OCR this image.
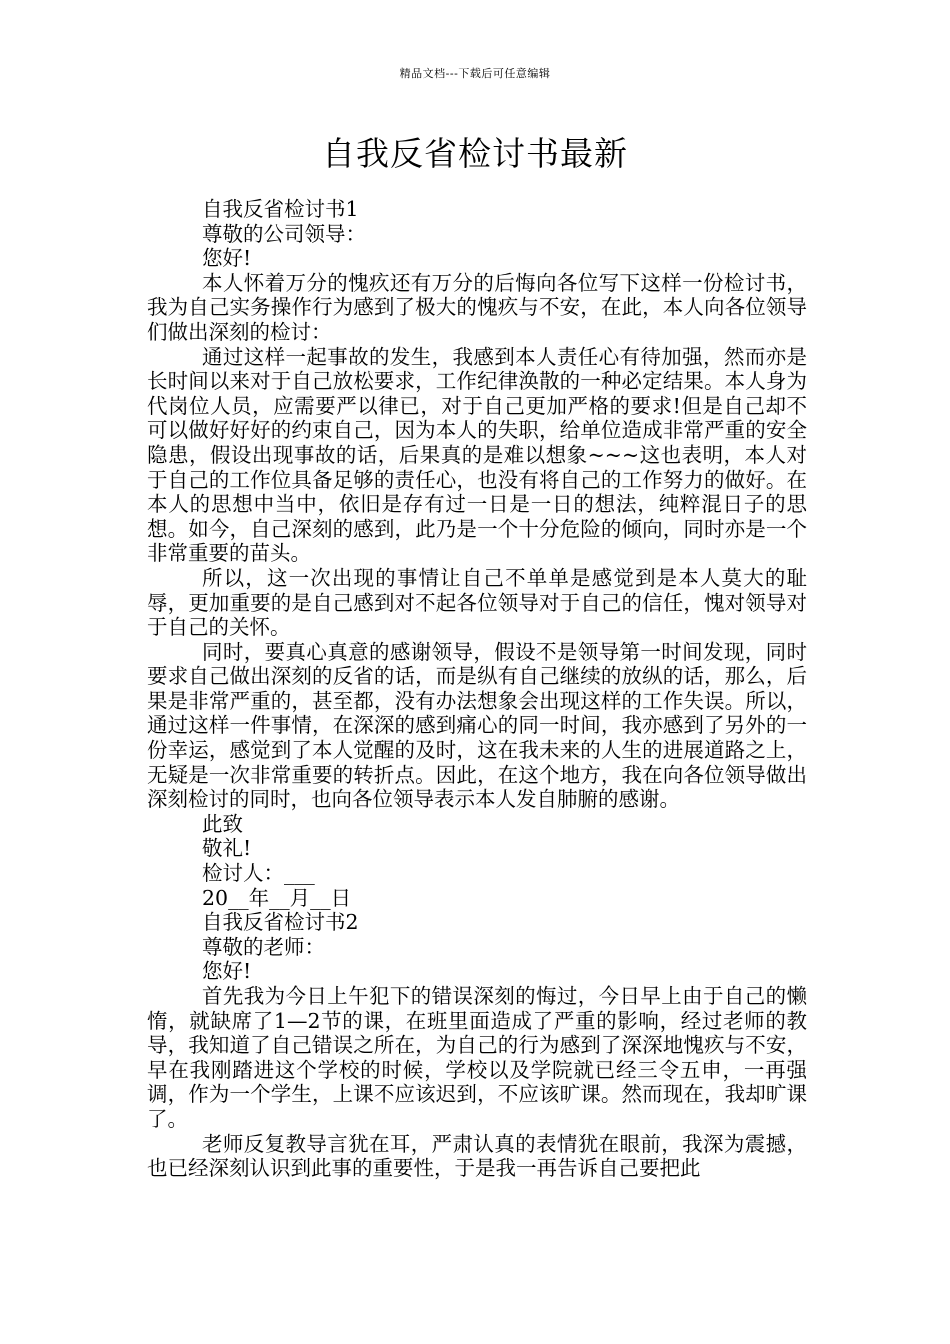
精品文档---下载后可任意编辑
自我反省检讨书最新

自我反省检讨书1

尊敬的公司领导：

您好!

本人怀着万分的愧疚还有万分的后悔向各位写下这样一份检讨书，我为自己实务操作行为感到了极大的愧疚与不安，在此，本人向各位领导们做出深刻的检讨：

通过这样一起事故的发生，我感到本人责任心有待加强，然而亦是长时间以来对于自己放松要求，工作纪律涣散的一种必定结果。本人身为代岗位人员，应需要严以律已，对于自己更加严格的要求!但是自己却不可以做好好好的约束自己，因为本人的失职，给单位造成非常严重的安全隐患，假设出现事故的话，后果真的是难以想象~~~这也表明，本人对于自己的工作位具备足够的责任心，也没有将自己的工作努力的做好。在本人的思想中当中，依旧是存有过一日是一日的想法，纯粹混日子的思想。如今，自己深刻的感到，此乃是一个十分危险的倾向，同时亦是一个非常重要的苗头。

所以，这一次出现的事情让自己不单单是感觉到是本人莫大的耻辱，更加重要的是自己感到对不起各位领导对于自己的信任，愧对领导对于自己的关怀。

同时，要真心真意的感谢领导，假设不是领导第一时间发现，同时要求自己做出深刻的反省的话，而是纵有自己继续的放纵的话，那么，后果是非常严重的，甚至都，没有办法想象会出现这样的工作失误。所以，通过这样一件事情，在深深的感到痛心的同一时间，我亦感到了另外的一份幸运，感觉到了本人觉醒的及时，这在我未来的人生的进展道路之上，无疑是一次非常重要的转折点。因此，在这个地方，我在向各位领导做出深刻检讨的同时，也向各位领导表示本人发自肺腑的感谢。

此致

敬礼!

检讨人：___

20__年__月__日

自我反省检讨书2

尊敬的老师：

您好!

首先我为今日上午犯下的错误深刻的悔过，今日早上由于自己的懒惰，就缺席了1—2节的课，在班里面造成了严重的影响，经过老师的教导，我知道了自己错误之所在，为自己的行为感到了深深地愧疚与不安，早在我刚踏进这个学校的时候，学校以及学院就已经三令五申，一再强调，作为一个学生，上课不应该迟到，不应该旷课。然而现在，我却旷课了。

老师反复教导言犹在耳，严肃认真的表情犹在眼前，我深为震撼，也已经深刻认识到此事的重要性，于是我一再告诉自己要把此
